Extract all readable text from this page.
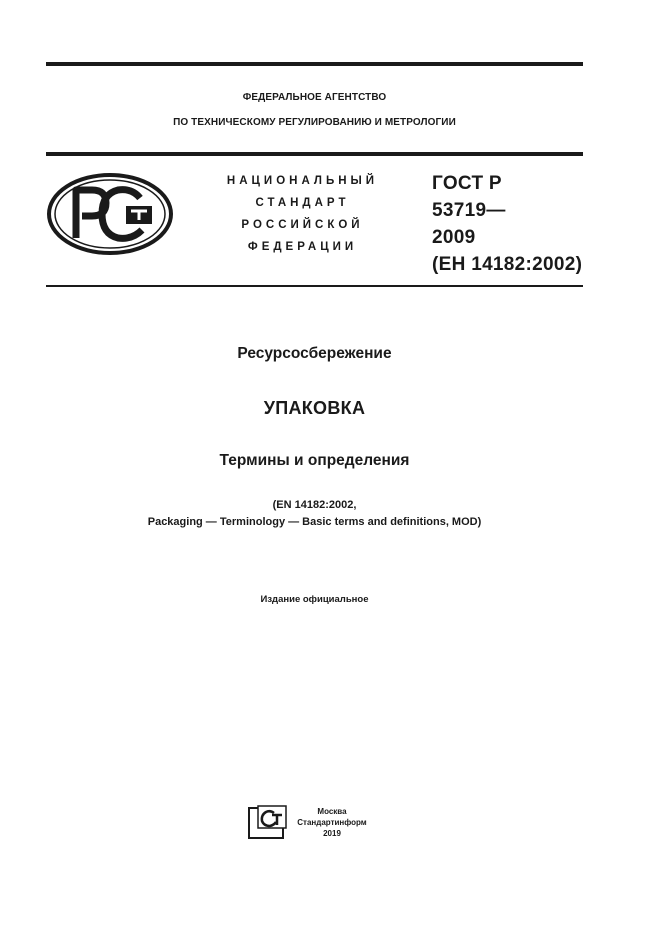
ФЕДЕРАЛЬНОЕ АГЕНТСТВО
ПО ТЕХНИЧЕСКОМУ РЕГУЛИРОВАНИЮ И МЕТРОЛОГИИ
НАЦИОНАЛЬНЫЙ
СТАНДАРТ
РОССИЙСКОЙ
ФЕДЕРАЦИИ
ГОСТ Р
53719—
2009
(ЕН 14182:2002)
Ресурсосбережение
УПАКОВКА
Термины и определения
(EN 14182:2002,
Packaging — Terminology — Basic terms and definitions, MOD)
Издание официальное
Москва
Стандартинформ
2019
